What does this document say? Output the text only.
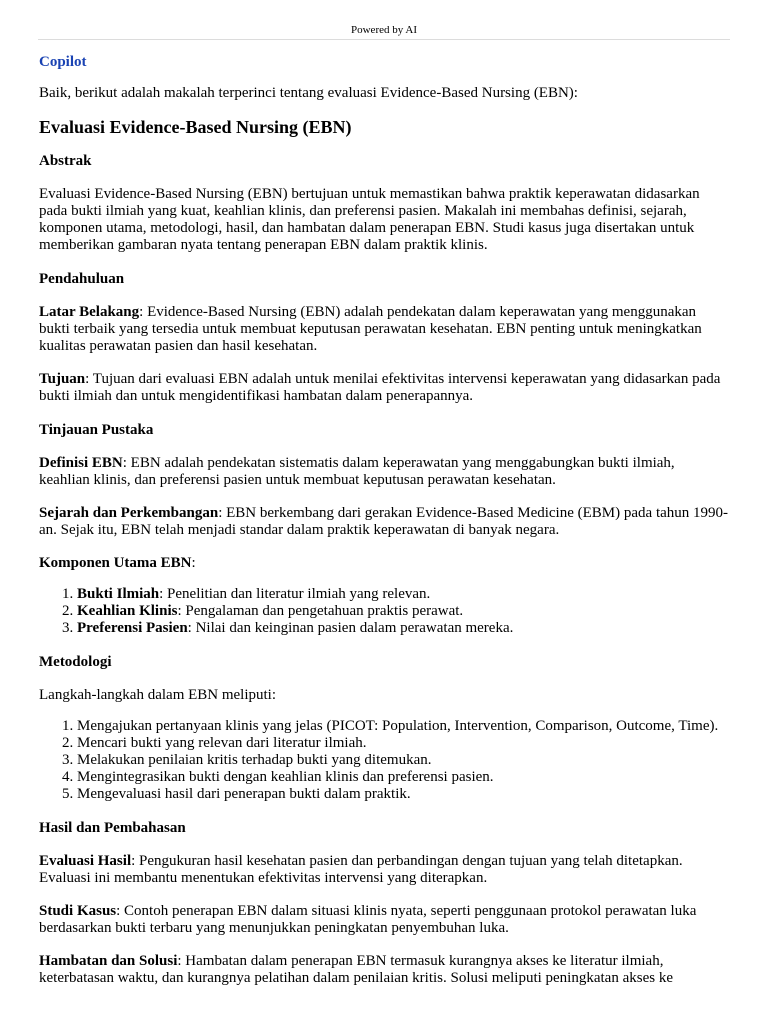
Powered by AI
Copilot

Baik, berikut adalah makalah terperinci tentang evaluasi Evidence-Based Nursing (EBN):

Evaluasi Evidence-Based Nursing (EBN)
Abstrak

Evaluasi Evidence-Based Nursing (EBN) bertujuan untuk memastikan bahwa praktik keperawatan didasarkan pada bukti ilmiah yang kuat, keahlian klinis, dan preferensi pasien. Makalah ini membahas definisi, sejarah, komponen utama, metodologi, hasil, dan hambatan dalam penerapan EBN. Studi kasus juga disertakan untuk memberikan gambaran nyata tentang penerapan EBN dalam praktik klinis.

Pendahuluan

Latar Belakang: Evidence-Based Nursing (EBN) adalah pendekatan dalam keperawatan yang menggunakan bukti terbaik yang tersedia untuk membuat keputusan perawatan kesehatan. EBN penting untuk meningkatkan kualitas perawatan pasien dan hasil kesehatan.

Tujuan: Tujuan dari evaluasi EBN adalah untuk menilai efektivitas intervensi keperawatan yang didasarkan pada bukti ilmiah dan untuk mengidentifikasi hambatan dalam penerapannya.

Tinjauan Pustaka

Definisi EBN: EBN adalah pendekatan sistematis dalam keperawatan yang menggabungkan bukti ilmiah, keahlian klinis, dan preferensi pasien untuk membuat keputusan perawatan kesehatan.

Sejarah dan Perkembangan: EBN berkembang dari gerakan Evidence-Based Medicine (EBM) pada tahun 1990-an. Sejak itu, EBN telah menjadi standar dalam praktik keperawatan di banyak negara.

Komponen Utama EBN:

1. Bukti Ilmiah: Penelitian dan literatur ilmiah yang relevan.
2. Keahlian Klinis: Pengalaman dan pengetahuan praktis perawat.
3. Preferensi Pasien: Nilai dan keinginan pasien dalam perawatan mereka.
Metodologi

Langkah-langkah dalam EBN meliputi:

1. Mengajukan pertanyaan klinis yang jelas (PICOT: Population, Intervention, Comparison, Outcome, Time).
2. Mencari bukti yang relevan dari literatur ilmiah.
3. Melakukan penilaian kritis terhadap bukti yang ditemukan.
4. Mengintegrasikan bukti dengan keahlian klinis dan preferensi pasien.
5. Mengevaluasi hasil dari penerapan bukti dalam praktik.
Hasil dan Pembahasan

Evaluasi Hasil: Pengukuran hasil kesehatan pasien dan perbandingan dengan tujuan yang telah ditetapkan. Evaluasi ini membantu menentukan efektivitas intervensi yang diterapkan.

Studi Kasus: Contoh penerapan EBN dalam situasi klinis nyata, seperti penggunaan protokol perawatan luka berdasarkan bukti terbaru yang menunjukkan peningkatan penyembuhan luka.

Hambatan dan Solusi: Hambatan dalam penerapan EBN termasuk kurangnya akses ke literatur ilmiah, keterbatasan waktu, dan kurangnya pelatihan dalam penilaian kritis. Solusi meliputi peningkatan akses ke
